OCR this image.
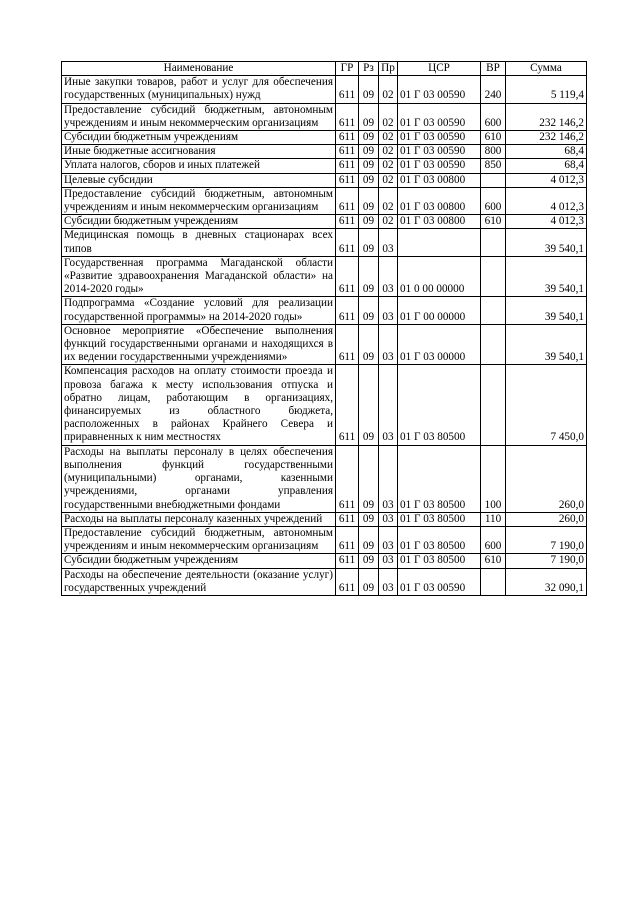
Наименование	ГР	Рз	Пр	ЦСР	ВР	Сумма
Иные закупки товаров, работ и услуг для обеспечения государственных (муниципальных) нужд	611	09	02	01 Г 03 00590	240	5 119,4
Предоставление субсидий бюджетным, автономным учреждениям и иным некоммерческим организациям	611	09	02	01 Г 03 00590	600	232 146,2
Субсидии бюджетным учреждениям	611	09	02	01 Г 03 00590	610	232 146,2
Иные бюджетные ассигнования	611	09	02	01 Г 03 00590	800	68,4
Уплата налогов, сборов и иных платежей	611	09	02	01 Г 03 00590	850	68,4
Целевые субсидии	611	09	02	01 Г 03 00800		4 012,3
Предоставление субсидий бюджетным, автономным учреждениям и иным некоммерческим организациям	611	09	02	01 Г 03 00800	600	4 012,3
Субсидии бюджетным учреждениям	611	09	02	01 Г 03 00800	610	4 012,3
Медицинская помощь в дневных стационарах всех типов	611	09	03			39 540,1
Государственная программа Магаданской области «Развитие здравоохранения Магаданской области» на 2014-2020 годы»	611	09	03	01 0 00 00000		39 540,1
Подпрограмма «Создание условий для реализации государственной программы» на 2014-2020 годы»	611	09	03	01 Г 00 00000		39 540,1
Основное мероприятие «Обеспечение выполнения функций государственными органами и находящихся в их ведении государственными учреждениями»	611	09	03	01 Г 03 00000		39 540,1
Компенсация расходов на оплату стоимости проезда и провоза багажа к месту использования отпуска и обратно лицам, работающим в организациях, финансируемых из областного бюджета, расположенных в районах Крайнего Севера и приравненных к ним местностях	611	09	03	01 Г 03 80500		7 450,0
Расходы на выплаты персоналу в целях обеспечения выполнения функций государственными (муниципальными) органами, казенными учреждениями, органами управления государственными внебюджетными фондами	611	09	03	01 Г 03 80500	100	260,0
Расходы на выплаты персоналу казенных учреждений	611	09	03	01 Г 03 80500	110	260,0
Предоставление субсидий бюджетным, автономным учреждениям и иным некоммерческим организациям	611	09	03	01 Г 03 80500	600	7 190,0
Субсидии бюджетным учреждениям	611	09	03	01 Г 03 80500	610	7 190,0
Расходы на обеспечение деятельности (оказание услуг) государственных учреждений	611	09	03	01 Г 03 00590		32 090,1
